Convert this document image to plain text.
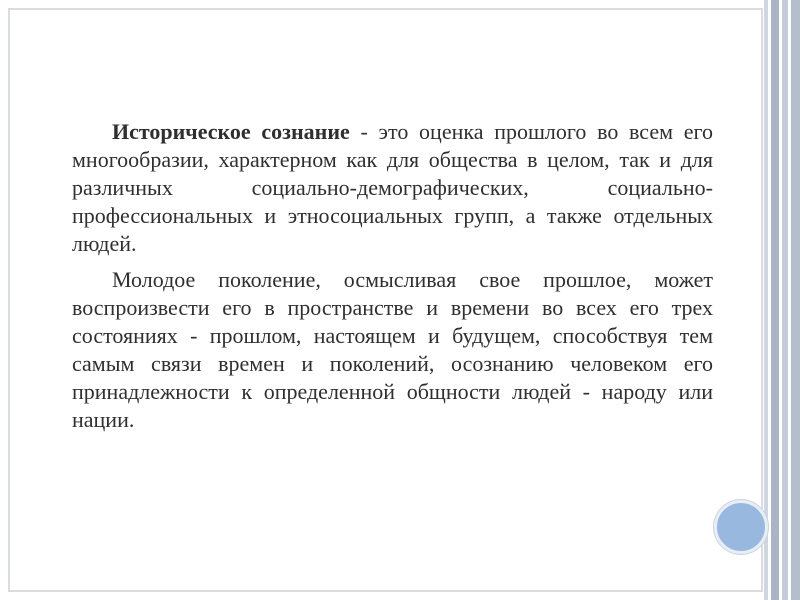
Историческое сознание - это оценка прошлого во всем его многообразии, характерном как для общества в целом, так и для различных социально-демографических, социально-профессиональных и этносоциальных групп, а также отдельных людей.

Молодое поколение, осмысливая свое прошлое, может воспроизвести его в пространстве и времени во всех его трех состояниях - прошлом, настоящем и будущем, способствуя тем самым связи времен и поколений, осознанию человеком его принадлежности к определенной общности людей - народу или нации.
